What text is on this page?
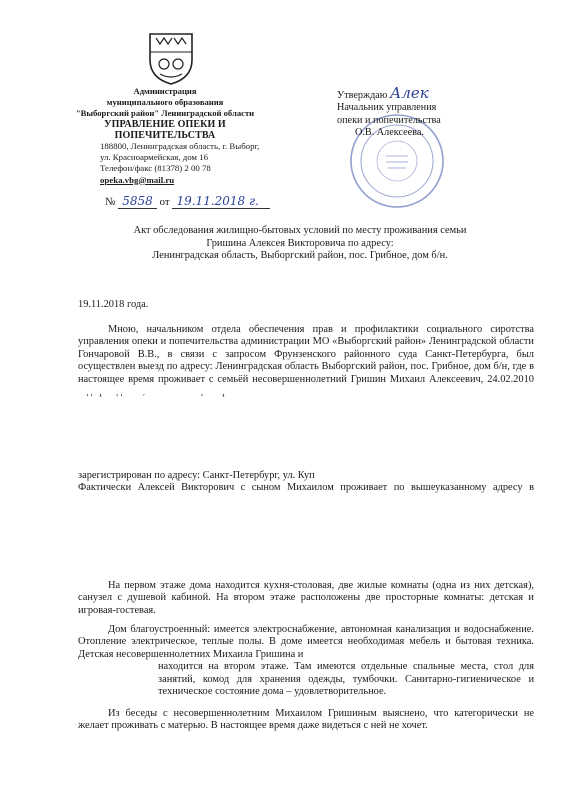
Администрация
муниципального образования
"Выборгский район" Ленинградской области
УПРАВЛЕНИЕ ОПЕКИ И ПОПЕЧИТЕЛЬСТВА
188800, Ленинградская область, г. Выборг,
ул. Красноармейская, дом 16
Телефон/факс (81378) 2 00 78
opeka.vbg@mail.ru
№ 5858 от 19.11.2018 г.
Утверждаю Алек
Начальник управления
опеки и попечительства
О.В. Алексеева.
Акт обследования жилищно-бытовых условий по месту проживания семьи
Гришина Алексея Викторовича по адресу:
Ленинградская область, Выборгский район, пос. Грибное, дом б/н.
19.11.2018 года.

Мною, начальником отдела обеспечения прав и профилактики социального сиротства управления опеки и попечительства администрации МО «Выборгский район» Ленинградской области Гончаровой В.В., в связи с запросом Фрунзенского районного суда Санкт-Петербурга, был осуществлен выезд по адресу: Ленинградская область Выборгский район, пос. Грибное, дом б/н, где в настоящее время проживает с семьёй несовершеннолетний Гришин Михаил Алексеевич, 24.02.2010

зарегистрирован по адресу: Санкт-Петербург, ул. Куп

Фактически Алексей Викторович с сыном Михаилом проживает по вышеуказанному адресу в

На первом этаже дома находится кухня-столовая, две жилые комнаты (одна из них детская), санузел с душевой кабиной. На втором этаже расположены две просторные комнаты: детская и игровая-гостевая.

Дом благоустроенный: имеется электроснабжение, автономная канализация и водоснабжение. Отопление электрическое, теплые полы. В доме имеется необходимая мебель и бытовая техника. Детская несовершеннолетних Михаила Гришина и

находится на втором этаже. Там имеются отдельные спальные места, стол для занятий, комод для хранения одежды, тумбочки. Санитарно-гигиеническое и техническое состояние дома – удовлетворительное.

Из беседы с несовершеннолетним Михаилом Гришиным выяснено, что категорически не желает проживать с матерью. В настоящее время даже видеться с ней не хочет.
